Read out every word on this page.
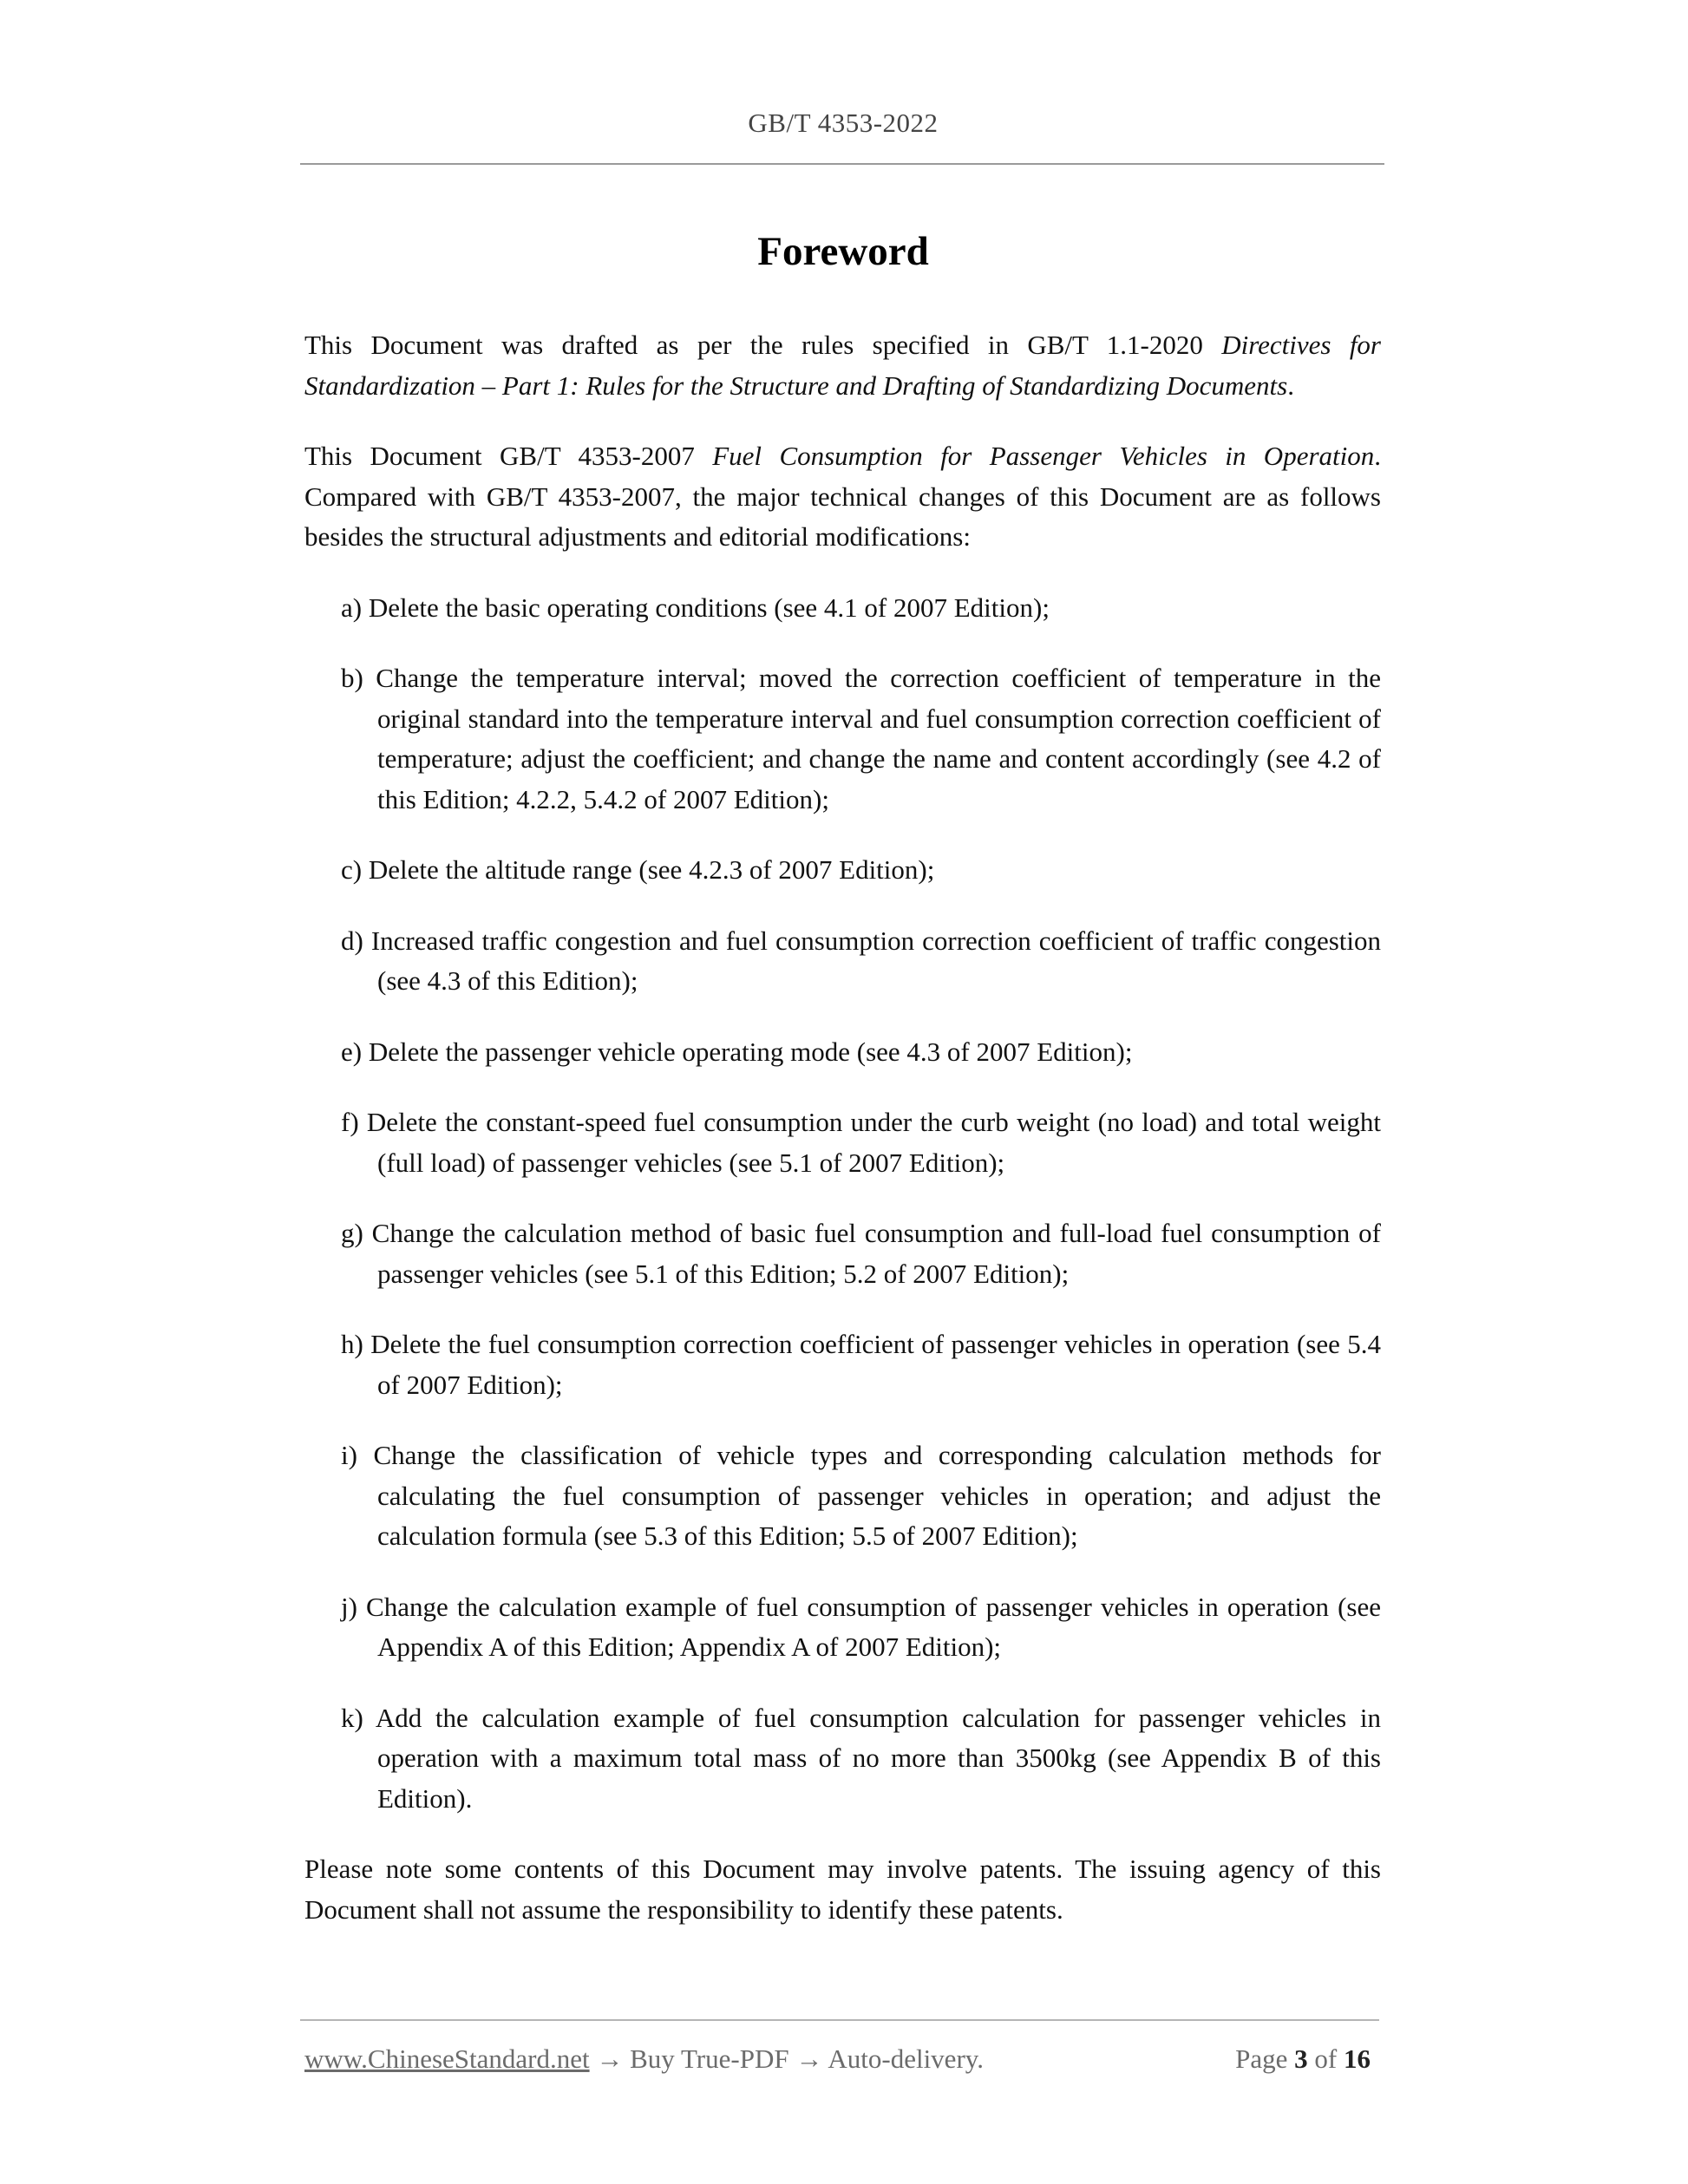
GB/T 4353-2022
Foreword

This Document was drafted as per the rules specified in GB/T 1.1-2020 Directives for Standardization – Part 1: Rules for the Structure and Drafting of Standardizing Documents.

This Document GB/T 4353-2007 Fuel Consumption for Passenger Vehicles in Operation. Compared with GB/T 4353-2007, the major technical changes of this Document are as follows besides the structural adjustments and editorial modifications:

a) Delete the basic operating conditions (see 4.1 of 2007 Edition);
b) Change the temperature interval; moved the correction coefficient of temperature in the original standard into the temperature interval and fuel consumption correction coefficient of temperature; adjust the coefficient; and change the name and content accordingly (see 4.2 of this Edition; 4.2.2, 5.4.2 of 2007 Edition);
c) Delete the altitude range (see 4.2.3 of 2007 Edition);
d) Increased traffic congestion and fuel consumption correction coefficient of traffic congestion (see 4.3 of this Edition);
e) Delete the passenger vehicle operating mode (see 4.3 of 2007 Edition);
f) Delete the constant-speed fuel consumption under the curb weight (no load) and total weight (full load) of passenger vehicles (see 5.1 of 2007 Edition);
g) Change the calculation method of basic fuel consumption and full-load fuel consumption of passenger vehicles (see 5.1 of this Edition; 5.2 of 2007 Edition);
h) Delete the fuel consumption correction coefficient of passenger vehicles in operation (see 5.4 of 2007 Edition);
i) Change the classification of vehicle types and corresponding calculation methods for calculating the fuel consumption of passenger vehicles in operation; and adjust the calculation formula (see 5.3 of this Edition; 5.5 of 2007 Edition);
j) Change the calculation example of fuel consumption of passenger vehicles in operation (see Appendix A of this Edition; Appendix A of 2007 Edition);
k) Add the calculation example of fuel consumption calculation for passenger vehicles in operation with a maximum total mass of no more than 3500kg (see Appendix B of this Edition).

Please note some contents of this Document may involve patents. The issuing agency of this Document shall not assume the responsibility to identify these patents.

www.ChineseStandard.net → Buy True-PDF → Auto-delivery.	Page 3 of 16
